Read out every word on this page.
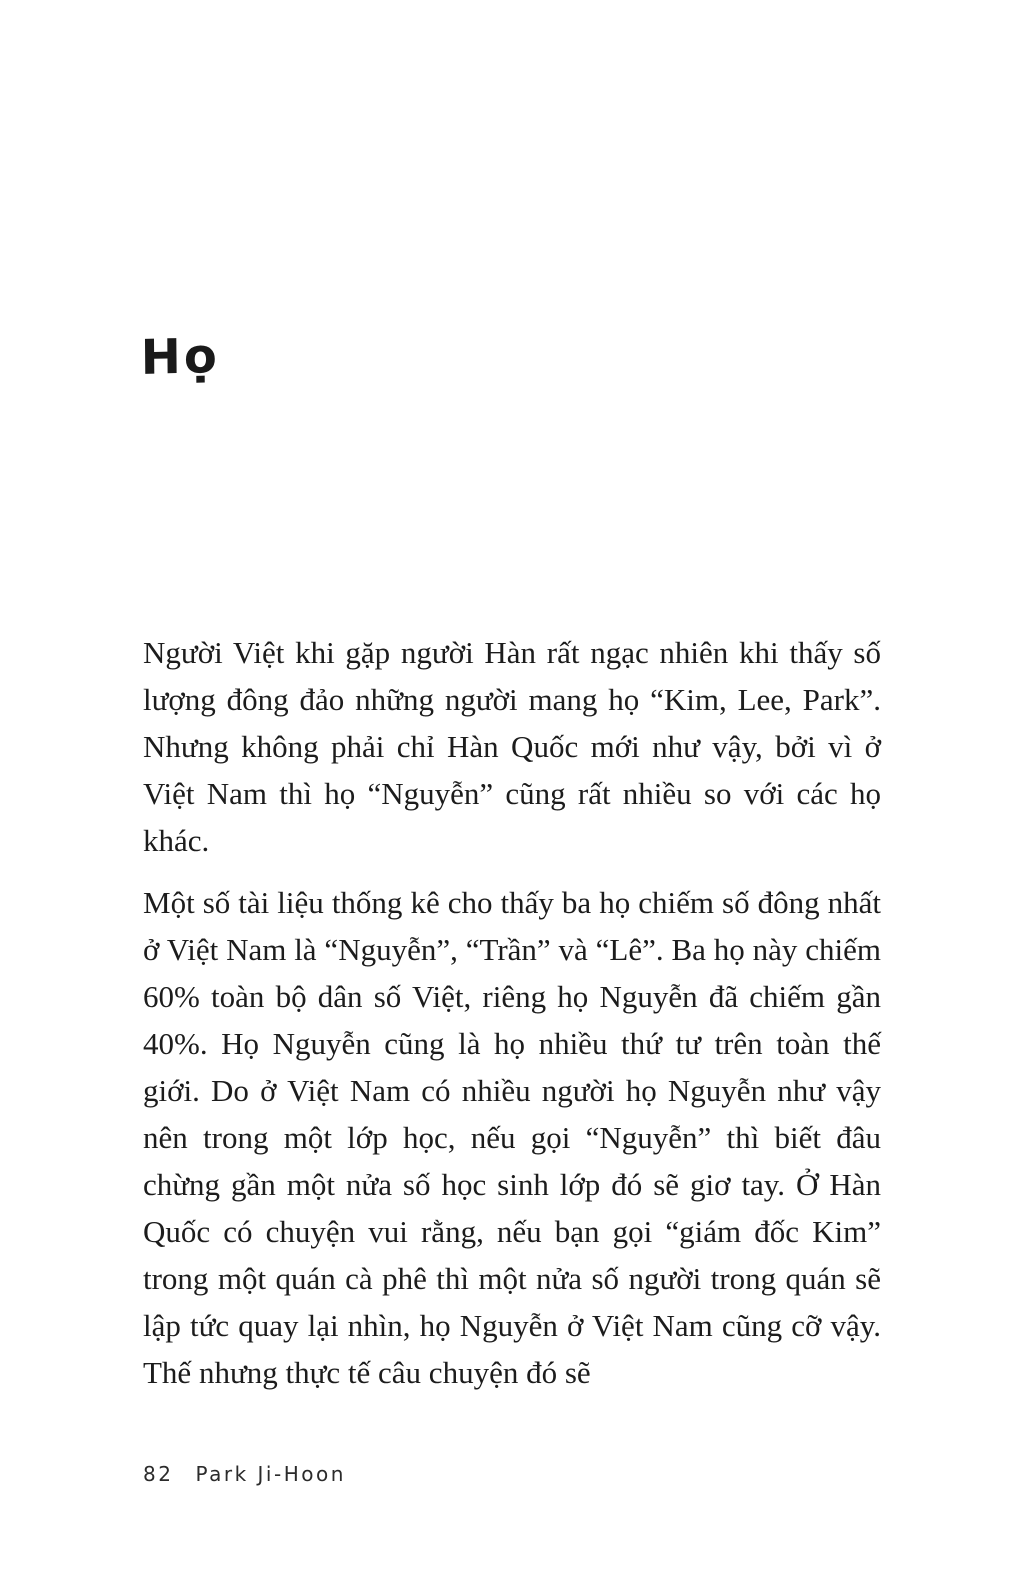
Họ

Người Việt khi gặp người Hàn rất ngạc nhiên khi thấy số lượng đông đảo những người mang họ “Kim, Lee, Park”. Nhưng không phải chỉ Hàn Quốc mới như vậy, bởi vì ở Việt Nam thì họ “Nguyễn” cũng rất nhiều so với các họ khác.

Một số tài liệu thống kê cho thấy ba họ chiếm số đông nhất ở Việt Nam là “Nguyễn”, “Trần” và “Lê”. Ba họ này chiếm 60% toàn bộ dân số Việt, riêng họ Nguyễn đã chiếm gần 40%. Họ Nguyễn cũng là họ nhiều thứ tư trên toàn thế giới. Do ở Việt Nam có nhiều người họ Nguyễn như vậy nên trong một lớp học, nếu gọi “Nguyễn” thì biết đâu chừng gần một nửa số học sinh lớp đó sẽ giơ tay. Ở Hàn Quốc có chuyện vui rằng, nếu bạn gọi “giám đốc Kim” trong một quán cà phê thì một nửa số người trong quán sẽ lập tức quay lại nhìn, họ Nguyễn ở Việt Nam cũng cỡ vậy. Thế nhưng thực tế câu chuyện đó sẽ

82 Park Ji-Hoon
